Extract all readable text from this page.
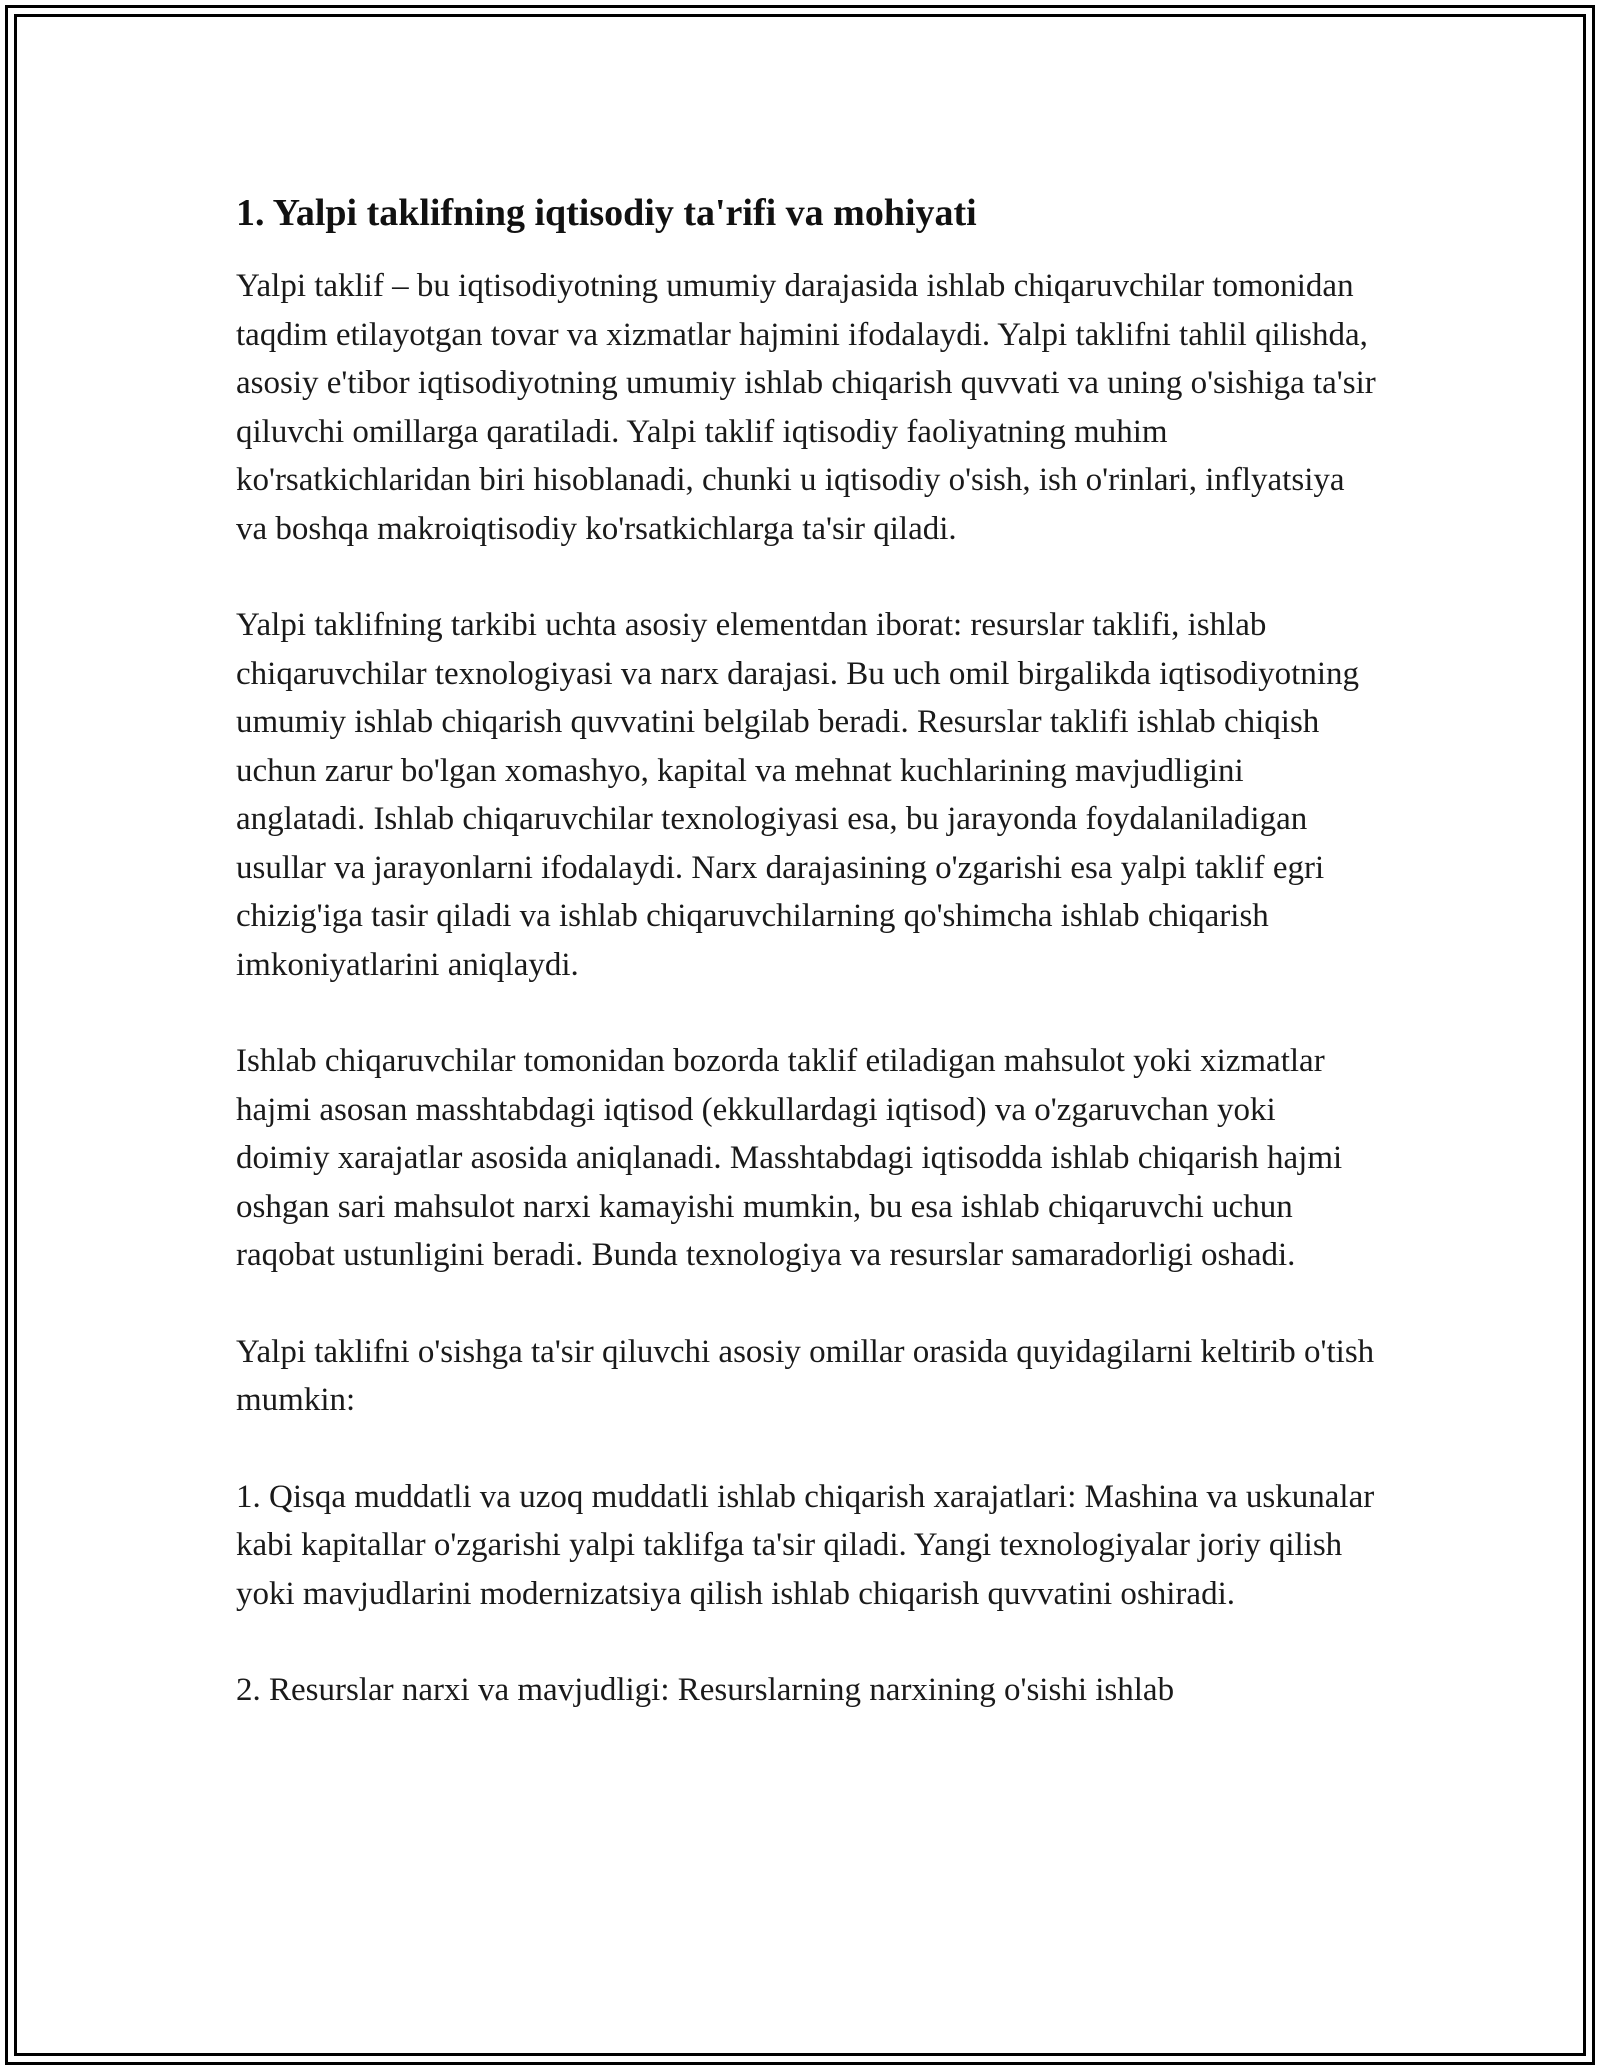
1. Yalpi taklifning iqtisodiy ta'rifi va mohiyati

Yalpi taklif – bu iqtisodiyotning umumiy darajasida ishlab chiqaruvchilar tomonidan taqdim etilayotgan tovar va xizmatlar hajmini ifodalaydi. Yalpi taklifni tahlil qilishda, asosiy e'tibor iqtisodiyotning umumiy ishlab chiqarish quvvati va uning o'sishiga ta'sir qiluvchi omillarga qaratiladi. Yalpi taklif iqtisodiy faoliyatning muhim ko'rsatkichlaridan biri hisoblanadi, chunki u iqtisodiy o'sish, ish o'rinlari, inflyatsiya va boshqa makroiqtisodiy ko'rsatkichlarga ta'sir qiladi.

Yalpi taklifning tarkibi uchta asosiy elementdan iborat: resurslar taklifi, ishlab chiqaruvchilar texnologiyasi va narx darajasi. Bu uch omil birgalikda iqtisodiyotning umumiy ishlab chiqarish quvvatini belgilab beradi. Resurslar taklifi ishlab chiqish uchun zarur bo'lgan xomashyo, kapital va mehnat kuchlarining mavjudligini anglatadi. Ishlab chiqaruvchilar texnologiyasi esa, bu jarayonda foydalaniladigan usullar va jarayonlarni ifodalaydi. Narx darajasining o'zgarishi esa yalpi taklif egri chizig'iga tasir qiladi va ishlab chiqaruvchilarning qo'shimcha ishlab chiqarish imkoniyatlarini aniqlaydi.

Ishlab chiqaruvchilar tomonidan bozorda taklif etiladigan mahsulot yoki xizmatlar hajmi asosan masshtabdagi iqtisod (ekkullardagi iqtisod) va o'zgaruvchan yoki doimiy xarajatlar asosida aniqlanadi. Masshtabdagi iqtisodda ishlab chiqarish hajmi oshgan sari mahsulot narxi kamayishi mumkin, bu esa ishlab chiqaruvchi uchun raqobat ustunligini beradi. Bunda texnologiya va resurslar samaradorligi oshadi.

Yalpi taklifni o'sishga ta'sir qiluvchi asosiy omillar orasida quyidagilarni keltirib o'tish mumkin:

1. Qisqa muddatli va uzoq muddatli ishlab chiqarish xarajatlari: Mashina va uskunalar kabi kapitallar o'zgarishi yalpi taklifga ta'sir qiladi. Yangi texnologiyalar joriy qilish yoki mavjudlarini modernizatsiya qilish ishlab chiqarish quvvatini oshiradi.

2. Resurslar narxi va mavjudligi: Resurslarning narxining o'sishi ishlab
